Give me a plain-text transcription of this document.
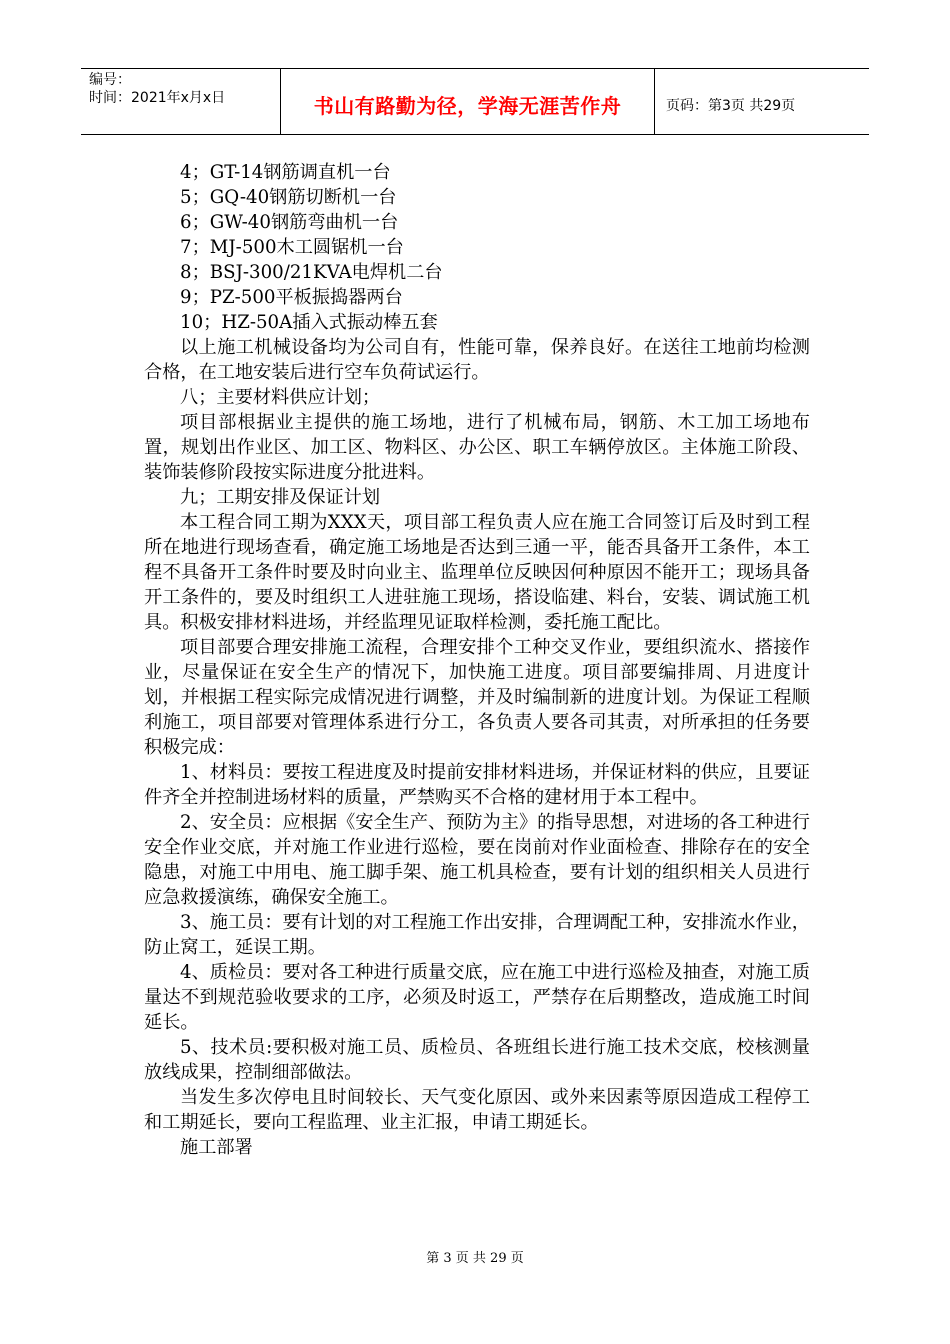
编号：
时间：2021年x月x日	书山有路勤为径，学海无涯苦作舟	页码：第3页 共29页

4；GT-14钢筋调直机一台

5；GQ-40钢筋切断机一台

6；GW-40钢筋弯曲机一台

7；MJ-500木工圆锯机一台

8；BSJ-300/21KVA电焊机二台

9；PZ-500平板振捣器两台

10；HZ-50A插入式振动棒五套

以上施工机械设备均为公司自有，性能可靠，保养良好。在送往工地前均检测合格，在工地安装后进行空车负荷试运行。

八；主要材料供应计划；

项目部根据业主提供的施工场地，进行了机械布局，钢筋、木工加工场地布置，规划出作业区、加工区、物料区、办公区、职工车辆停放区。主体施工阶段、装饰装修阶段按实际进度分批进料。

九；工期安排及保证计划

本工程合同工期为XXX天，项目部工程负责人应在施工合同签订后及时到工程所在地进行现场查看，确定施工场地是否达到三通一平，能否具备开工条件，本工程不具备开工条件时要及时向业主、监理单位反映因何种原因不能开工；现场具备开工条件的，要及时组织工人进驻施工现场，搭设临建、料台，安装、调试施工机具。积极安排材料进场，并经监理见证取样检测，委托施工配比。

项目部要合理安排施工流程，合理安排个工种交叉作业，要组织流水、搭接作业，尽量保证在安全生产的情况下，加快施工进度。项目部要编排周、月进度计划，并根据工程实际完成情况进行调整，并及时编制新的进度计划。为保证工程顺利施工，项目部要对管理体系进行分工，各负责人要各司其责，对所承担的任务要积极完成：

1、材料员：要按工程进度及时提前安排材料进场，并保证材料的供应，且要证件齐全并控制进场材料的质量，严禁购买不合格的建材用于本工程中。

2、安全员：应根据《安全生产、预防为主》的指导思想，对进场的各工种进行安全作业交底，并对施工作业进行巡检，要在岗前对作业面检查、排除存在的安全隐患，对施工中用电、施工脚手架、施工机具检查，要有计划的组织相关人员进行应急救援演练，确保安全施工。

3、施工员：要有计划的对工程施工作出安排，合理调配工种，安排流水作业，防止窝工，延误工期。

4、质检员：要对各工种进行质量交底，应在施工中进行巡检及抽查，对施工质量达不到规范验收要求的工序，必须及时返工，严禁存在后期整改，造成施工时间延长。

5、技术员:要积极对施工员、质检员、各班组长进行施工技术交底，校核测量放线成果，控制细部做法。

当发生多次停电且时间较长、天气变化原因、或外来因素等原因造成工程停工和工期延长，要向工程监理、业主汇报，申请工期延长。

施工部署

第 3 页 共 29 页
